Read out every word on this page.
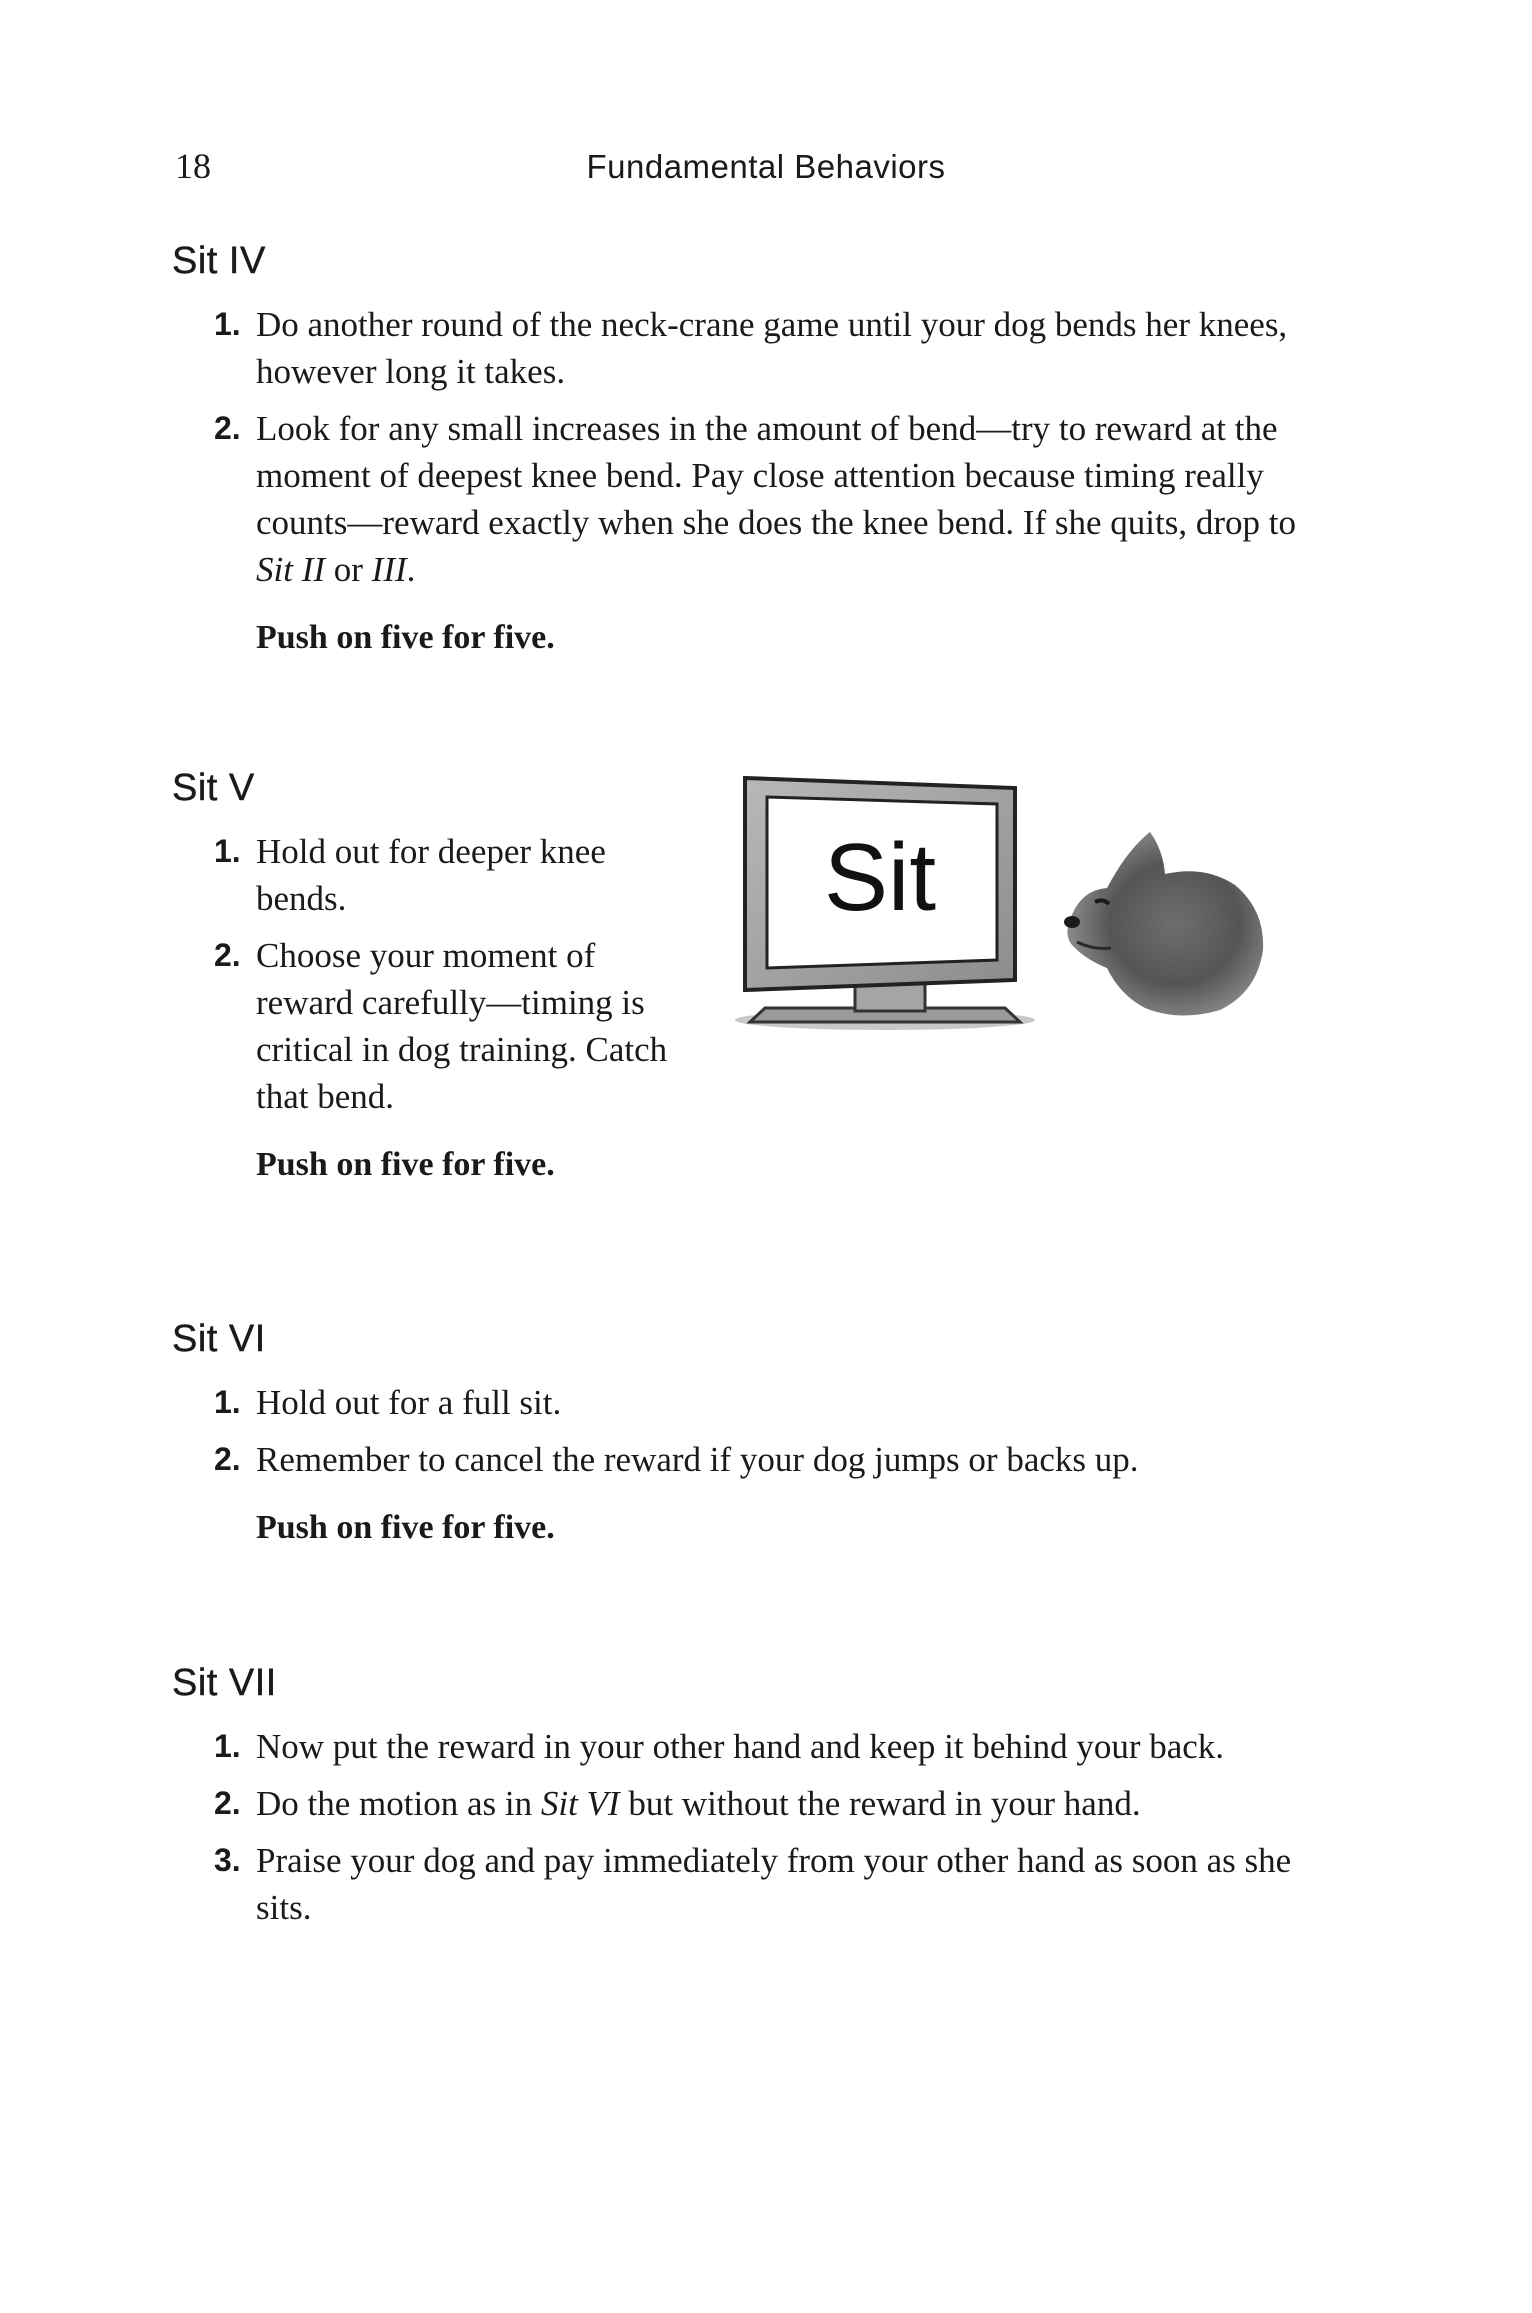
18	Fundamental Behaviors
Sit IV
1. Do another round of the neck-crane game until your dog bends her knees, however long it takes.
2. Look for any small increases in the amount of bend—try to reward at the moment of deepest knee bend. Pay close attention because timing really counts—reward exactly when she does the knee bend. If she quits, drop to Sit II or III.
Push on five for five.
Sit V
1. Hold out for deeper knee bends.
2. Choose your moment of reward carefully—timing is critical in dog training. Catch that bend.
Push on five for five.
Sit
Sit VI
1. Hold out for a full sit.
2. Remember to cancel the reward if your dog jumps or backs up.
Push on five for five.
Sit VII
1. Now put the reward in your other hand and keep it behind your back.
2. Do the motion as in Sit VI but without the reward in your hand.
3. Praise your dog and pay immediately from your other hand as soon as she sits.
